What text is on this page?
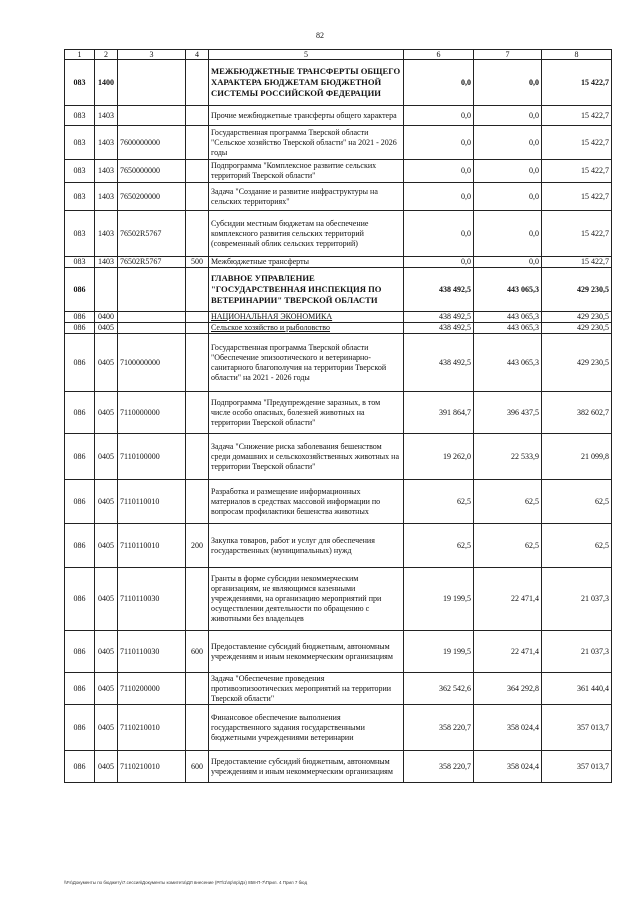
82
1	2	3	4	5	6	7	8
083	1400			МЕЖБЮДЖЕТНЫЕ ТРАНСФЕРТЫ ОБЩЕГО ХАРАКТЕРА БЮДЖЕТАМ БЮДЖЕТНОЙ СИСТЕМЫ РОССИЙСКОЙ ФЕДЕРАЦИИ	0,0	0,0	15 422,7
083	1403			Прочие межбюджетные трансферты общего характера	0,0	0,0	15 422,7
083	1403	7600000000		Государственная программа Тверской области "Сельское хозяйство Тверской области" на 2021 - 2026 годы	0,0	0,0	15 422,7
083	1403	7650000000		Подпрограмма "Комплексное развитие сельских территорий Тверской области"	0,0	0,0	15 422,7
083	1403	7650200000		Задача "Создание и развитие инфраструктуры на сельских территориях"	0,0	0,0	15 422,7
083	1403	76502R5767		Субсидии местным бюджетам на обеспечение комплексного развития сельских территорий (современный облик сельских территорий)	0,0	0,0	15 422,7
083	1403	76502R5767	500	Межбюджетные трансферты	0,0	0,0	15 422,7
086				ГЛАВНОЕ УПРАВЛЕНИЕ "ГОСУДАРСТВЕННАЯ ИНСПЕКЦИЯ ПО ВЕТЕРИНАРИИ" ТВЕРСКОЙ ОБЛАСТИ	438 492,5	443 065,3	429 230,5
086	0400			НАЦИОНАЛЬНАЯ ЭКОНОМИКА	438 492,5	443 065,3	429 230,5
086	0405			Сельское хозяйство и рыболовство	438 492,5	443 065,3	429 230,5
086	0405	7100000000		Государственная программа Тверской области "Обеспечение эпизоотического и ветеринарно-санитарного благополучия на территории Тверской области" на 2021 - 2026 годы	438 492,5	443 065,3	429 230,5
086	0405	7110000000		Подпрограмма "Предупреждение заразных, в том числе особо опасных, болезней животных на территории Тверской области"	391 864,7	396 437,5	382 602,7
086	0405	7110100000		Задача "Снижение риска заболевания бешенством среди домашних и сельскохозяйственных животных на территории Тверской области"	19 262,0	22 533,9	21 099,8
086	0405	7110110010		Разработка и размещение информационных материалов в средствах массовой информации по вопросам профилактики бешенства животных	62,5	62,5	62,5
086	0405	7110110010	200	Закупка товаров, работ и услуг для обеспечения государственных (муниципальных) нужд	62,5	62,5	62,5
086	0405	7110110030		Гранты в форме субсидии некоммерческим организациям, не являющимся казенными учреждениями, на организацию мероприятий при осуществлении деятельности по обращению с животными без владельцев	19 199,5	22 471,4	21 037,3
086	0405	7110110030	600	Предоставление субсидий бюджетным, автономным учреждениям и иным некоммерческим организациям	19 199,5	22 471,4	21 037,3
086	0405	7110200000		Задача "Обеспечение проведения противоэпизоотических мероприятий на территории Тверской области"	362 542,6	364 292,8	361 440,4
086	0405	7110210010		Финансовое обеспечение выполнения государственного задания государственными бюджетными учреждениями ветеринарии	358 220,7	358 024,4	357 013,7
086	0405	7110210010	600	Предоставление субсидий бюджетным, автономным учреждениям и иным некоммерческим организациям	358 220,7	358 024,4	357 013,7
\\Fs\Документы по бюджету\7.сессия\Документы комитета\ДЛ внесение (РП\1\пр\пр\Дэ) 858-П-7\Прил. 4 Прил 7 бюд
